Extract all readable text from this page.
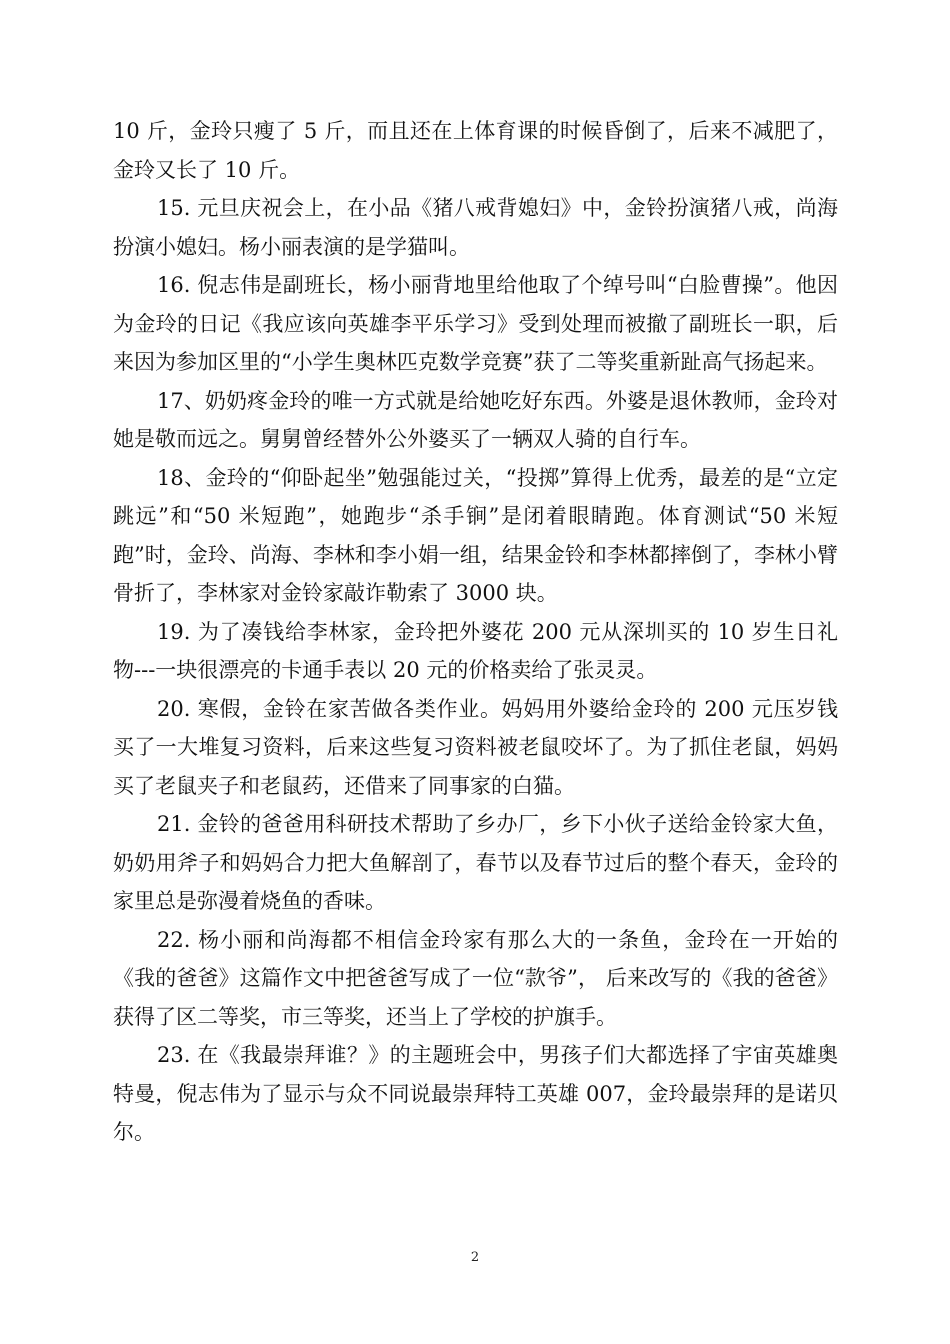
10 斤，金玲只瘦了 5 斤，而且还在上体育课的时候昏倒了，后来不减肥了，金玲又长了 10 斤。

15. 元旦庆祝会上，在小品《猪八戒背媳妇》中，金铃扮演猪八戒，尚海扮演小媳妇。杨小丽表演的是学猫叫。

16. 倪志伟是副班长，杨小丽背地里给他取了个绰号叫“白脸曹操”。他因为金玲的日记《我应该向英雄李平乐学习》受到处理而被撤了副班长一职，后来因为参加区里的“小学生奥林匹克数学竞赛”获了二等奖重新趾高气扬起来。

17、奶奶疼金玲的唯一方式就是给她吃好东西。外婆是退休教师，金玲对她是敬而远之。舅舅曾经替外公外婆买了一辆双人骑的自行车。

18、金玲的“仰卧起坐”勉强能过关，“投掷”算得上优秀，最差的是“立定跳远”和“50 米短跑”，她跑步“杀手锏”是闭着眼睛跑。体育测试“50 米短跑”时，金玲、尚海、李林和李小娟一组，结果金铃和李林都摔倒了，李林小臂骨折了，李林家对金铃家敲诈勒索了 3000 块。

19. 为了凑钱给李林家，金玲把外婆花 200 元从深圳买的 10 岁生日礼物---一块很漂亮的卡通手表以 20 元的价格卖给了张灵灵。

20. 寒假，金铃在家苦做各类作业。妈妈用外婆给金玲的 200 元压岁钱买了一大堆复习资料，后来这些复习资料被老鼠咬坏了。为了抓住老鼠，妈妈买了老鼠夹子和老鼠药，还借来了同事家的白猫。

21. 金铃的爸爸用科研技术帮助了乡办厂，乡下小伙子送给金铃家大鱼，奶奶用斧子和妈妈合力把大鱼解剖了，春节以及春节过后的整个春天，金玲的家里总是弥漫着烧鱼的香味。

22. 杨小丽和尚海都不相信金玲家有那么大的一条鱼，金玲在一开始的《我的爸爸》这篇作文中把爸爸写成了一位“款爷”， 后来改写的《我的爸爸》获得了区二等奖，市三等奖，还当上了学校的护旗手。

23. 在《我最崇拜谁？》的主题班会中，男孩子们大都选择了宇宙英雄奥特曼，倪志伟为了显示与众不同说最崇拜特工英雄 007，金玲最崇拜的是诺贝尔。

2
